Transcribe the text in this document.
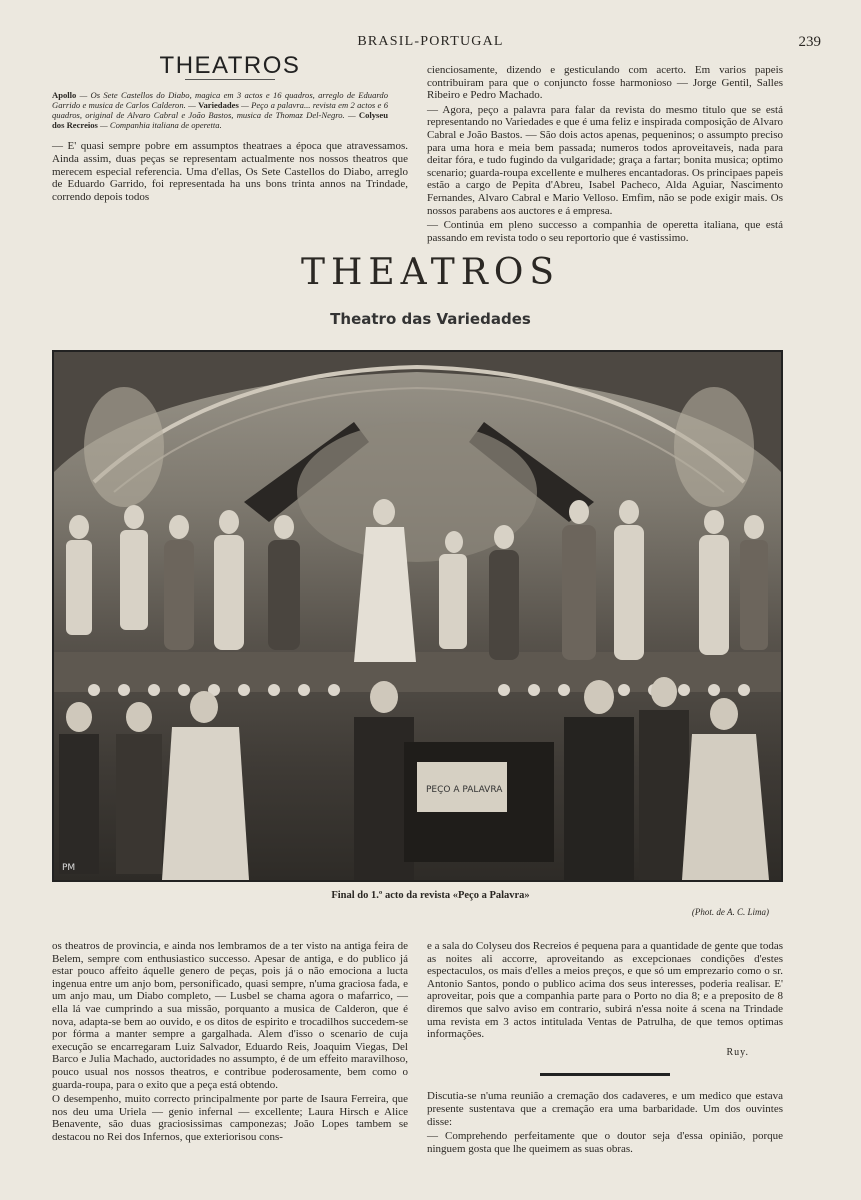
BRASIL-PORTUGAL	239
THEATROS
Apollo — Os Sete Castellos do Diabo, magica em 3 actos e 16 quadros, arreglo de Eduardo Garrido e musica de Carlos Calderon. — Variedades — Peço a palavra... revista em 2 actos e 6 quadros, original de Alvaro Cabral e João Bastos, musica de Thomaz Del-Negro. — Colyseu dos Recreios — Companhia italiana de operetta.

— E' quasi sempre pobre em assumptos theatraes a época que atravessamos. Ainda assim, duas peças se representam actualmente nos nossos theatros que merecem especial referencia. Uma d'ellas, Os Sete Castellos do Diabo, arreglo de Eduardo Garrido, foi representada ha uns bons trinta annos na Trindade, correndo depois todos

cienciosamente, dizendo e gesticulando com acerto. Em varios papeis contribuiram para que o conjuncto fosse harmonioso — Jorge Gentil, Salles Ribeiro e Pedro Machado.

— Agora, peço a palavra para falar da revista do mesmo titulo que se está representando no Variedades e que é uma feliz e inspirada composição de Alvaro Cabral e João Bastos. — São dois actos apenas, pequeninos; o assumpto preciso para uma hora e meia bem passada; numeros todos aproveitaveis, nada para deitar fóra, e tudo fugindo da vulgaridade; graça a fartar; bonita musica; optimo scenario; guarda-roupa excellente e mulheres encantadoras. Os principaes papeis estão a cargo de Pepita d'Abreu, Isabel Pacheco, Alda Aguiar, Nascimento Fernandes, Alvaro Cabral e Mario Velloso. Emfim, não se pode exigir mais. Os nossos parabens aos auctores e á empresa.

— Continúa em pleno successo a companhia de operetta italiana, que está passando em revista todo o seu reportorio que é vastissimo.

THEATROS
Theatro das Variedades
PEÇO A PALAVRA
PM
Final do 1.º acto da revista «Peço a Palavra»
(Phot. de A. C. Lima)

os theatros de provincia, e ainda nos lembramos de a ter visto na antiga feira de Belem, sempre com enthusiastico successo. Apesar de antiga, e do publico já estar pouco affeito áquelle genero de peças, pois já o não emociona a lucta ingenua entre um anjo bom, personificado, quasi sempre, n'uma graciosa fada, e um anjo mau, um Diabo completo, — Lusbel se chama agora o mafarrico, — ella lá vae cumprindo a sua missão, porquanto a musica de Calderon, que é nova, adapta-se bem ao ouvido, e os ditos de espirito e trocadilhos succedem-se por fórma a manter sempre a gargalhada. Alem d'isso o scenario de cuja execução se encarregaram Luiz Salvador, Eduardo Reis, Joaquim Viegas, Del Barco e Julia Machado, auctoridades no assumpto, é de um effeito maravilhoso, pouco usual nos nossos theatros, e contribue poderosamente, bem como o guarda-roupa, para o exito que a peça está obtendo.

O desempenho, muito correcto principalmente por parte de Isaura Ferreira, que nos deu uma Uriela — genio infernal — excellente; Laura Hirsch e Alice Benavente, são duas graciosissimas camponezas; João Lopes tambem se destacou no Rei dos Infernos, que exteriorisou cons-

e a sala do Colyseu dos Recreios é pequena para a quantidade de gente que todas as noites ali accorre, aproveitando as excepcionaes condições d'estes espectaculos, os mais d'elles a meios preços, e que só um emprezario como o sr. Antonio Santos, pondo o publico acima dos seus interesses, poderia realisar. E' aproveitar, pois que a companhia parte para o Porto no dia 8; e a preposito de 8 diremos que salvo aviso em contrario, subirá n'essa noite á scena na Trindade uma revista em 3 actos intitulada Ventas de Patrulha, de que temos optimas informações.

Ruy.

Discutia-se n'uma reunião a cremação dos cadaveres, e um medico que estava presente sustentava que a cremação era uma barbaridade. Um dos ouvintes disse:

— Comprehendo perfeitamente que o doutor seja d'essa opinião, porque ninguem gosta que lhe queimem as suas obras.
